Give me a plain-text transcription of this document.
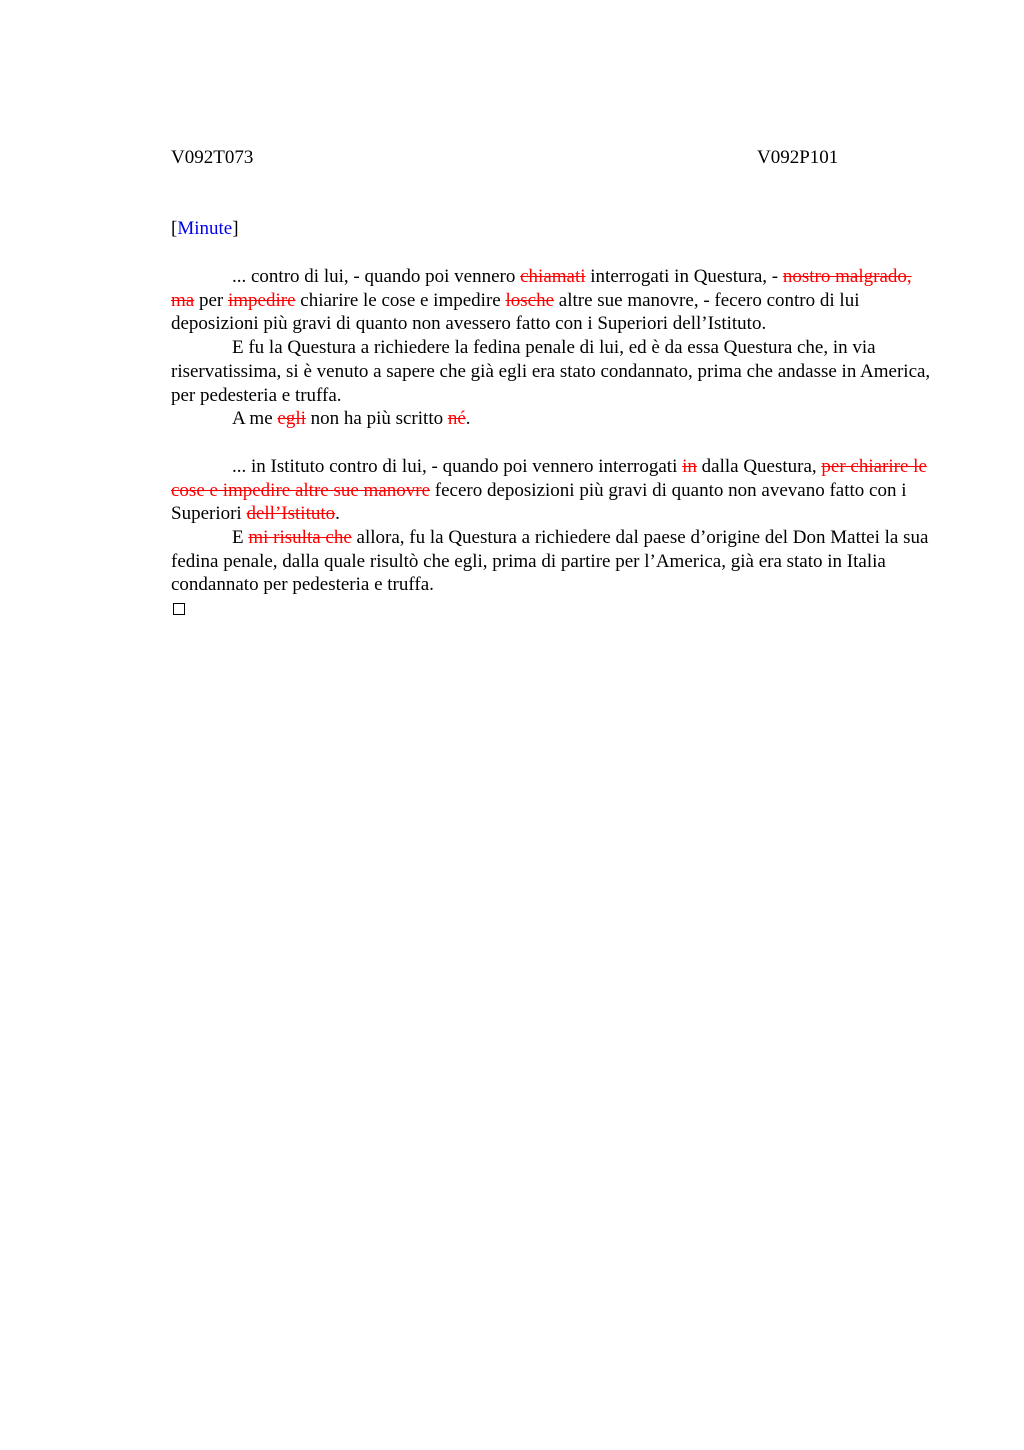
V092T073	V092P101
[Minute]

... contro di lui, - quando poi vennero chiamati interrogati in Questura, - nostro malgrado, ma per impedire chiarire le cose e impedire losche altre sue manovre, - fecero contro di lui deposizioni più gravi di quanto non avessero fatto con i Superiori dell’Istituto.

E fu la Questura a richiedere la fedina penale di lui, ed è da essa Questura che, in via riservatissima, si è venuto a sapere che già egli era stato condannato, prima che andasse in America, per pedesteria e truffa.

A me egli non ha più scritto né.

... in Istituto contro di lui, - quando poi vennero interrogati in dalla Questura, per chiarire le cose e impedire altre sue manovre fecero deposizioni più gravi di quanto non avevano fatto con i Superiori dell’Istituto.

E mi risulta che allora, fu la Questura a richiedere dal paese d’origine del Don Mattei la sua fedina penale, dalla quale risultò che egli, prima di partire per l’America, già era stato in Italia condannato per pedesteria e truffa.
